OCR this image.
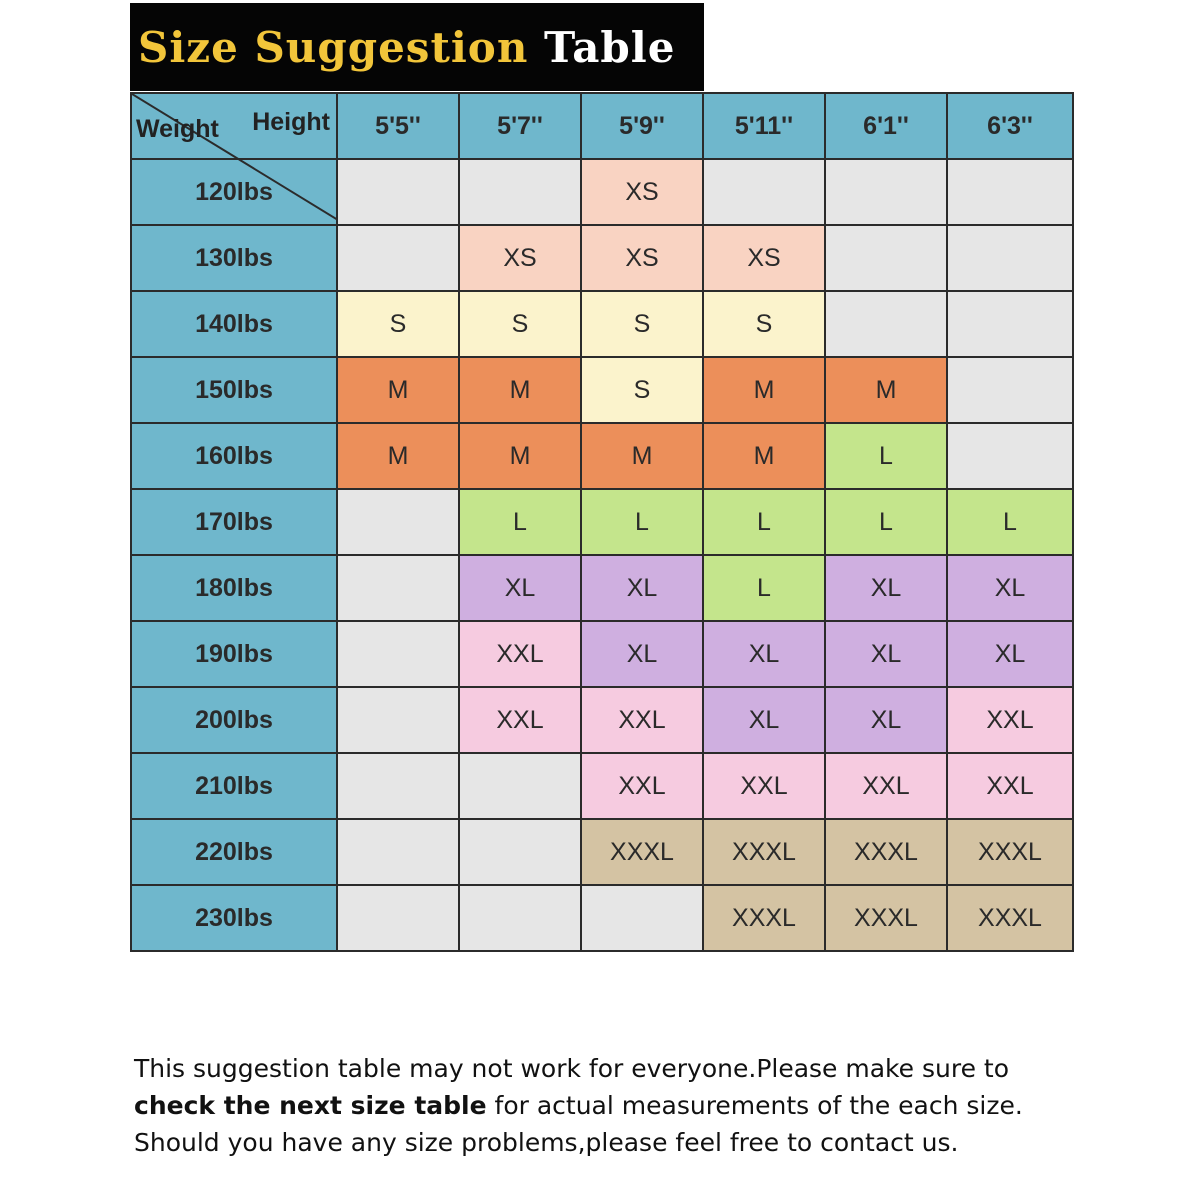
Size Suggestion Table
Height
Weight	5'5''	5'7''	5'9''	5'11''	6'1''	6'3''
120lbs			XS			
130lbs		XS	XS	XS		
140lbs	S	S	S	S		
150lbs	M	M	S	M	M	
160lbs	M	M	M	M	L	
170lbs		L	L	L	L	L
180lbs		XL	XL	L	XL	XL
190lbs		XXL	XL	XL	XL	XL
200lbs		XXL	XXL	XL	XL	XXL
210lbs			XXL	XXL	XXL	XXL
220lbs			XXXL	XXXL	XXXL	XXXL
230lbs				XXXL	XXXL	XXXL
This suggestion table may not work for everyone.Please make sure to
check the next size table for actual measurements of the each size.
Should you have any size problems,please feel free to contact us.
